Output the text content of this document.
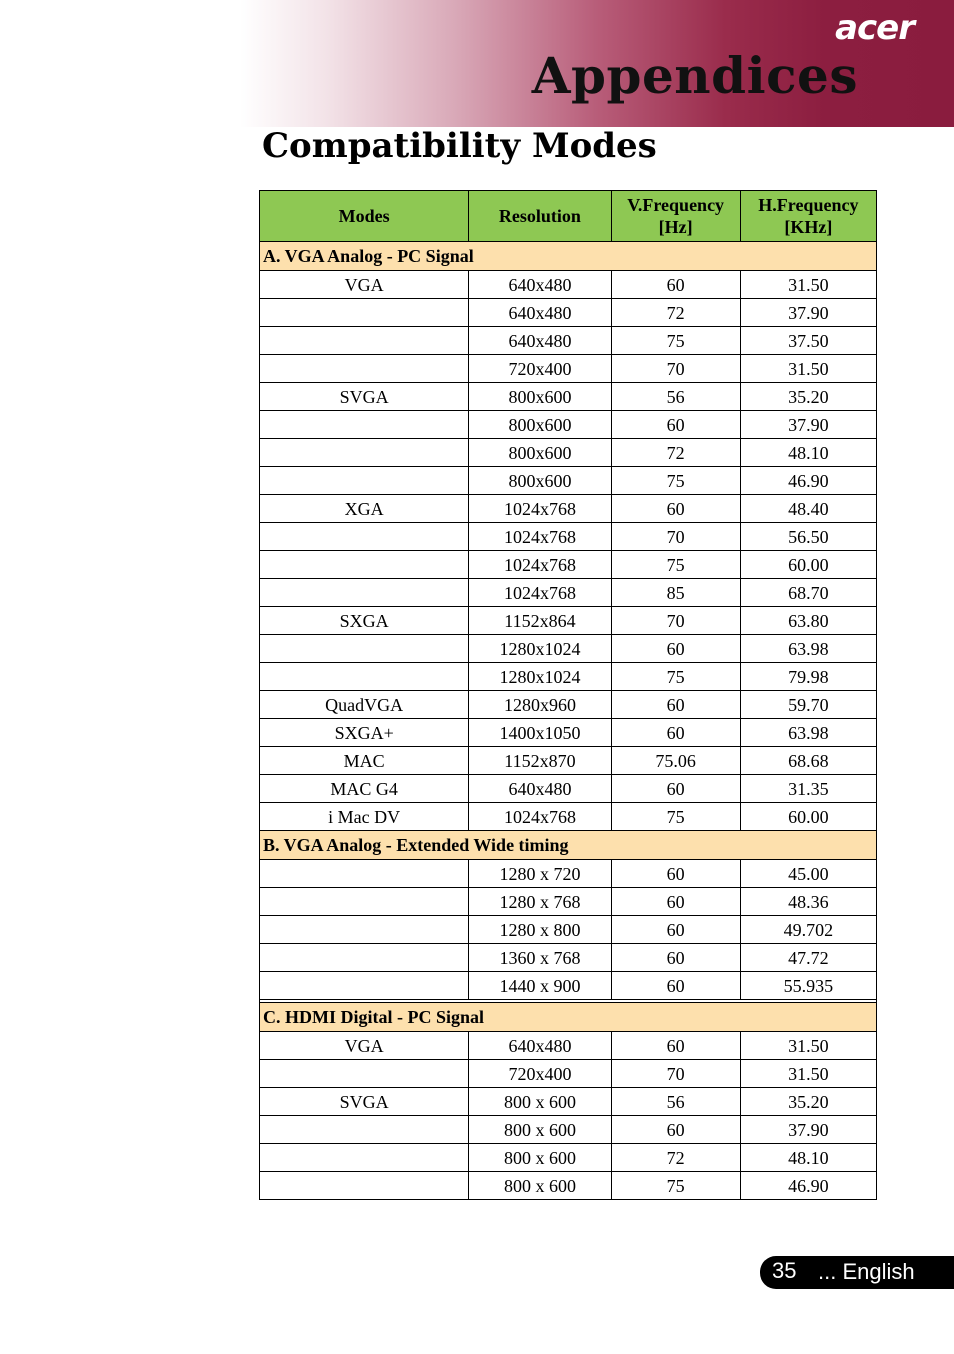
acer
Appendices
Compatibility Modes
Modes	Resolution	V.Frequency [Hz]	H.Frequency [KHz]
A. VGA Analog - PC Signal			
VGA	640x480	60	31.50
	640x480	72	37.90
	640x480	75	37.50
	720x400	70	31.50
SVGA	800x600	56	35.20
	800x600	60	37.90
	800x600	72	48.10
	800x600	75	46.90
XGA	1024x768	60	48.40
	1024x768	70	56.50
	1024x768	75	60.00
	1024x768	85	68.70
SXGA	1152x864	70	63.80
	1280x1024	60	63.98
	1280x1024	75	79.98
QuadVGA	1280x960	60	59.70
SXGA+	1400x1050	60	63.98
MAC	1152x870	75.06	68.68
MAC G4	640x480	60	31.35
i Mac DV	1024x768	75	60.00
B. VGA Analog - Extended Wide timing			
	1280 x 720	60	45.00
	1280 x 768	60	48.36
	1280 x 800	60	49.702
	1360 x 768	60	47.72
	1440 x 900	60	55.935

C. HDMI Digital - PC Signal			
VGA	640x480	60	31.50
	720x400	70	31.50
SVGA	800 x 600	56	35.20
	800 x 600	60	37.90
	800 x 600	72	48.10
	800 x 600	75	46.90
35 ... English
